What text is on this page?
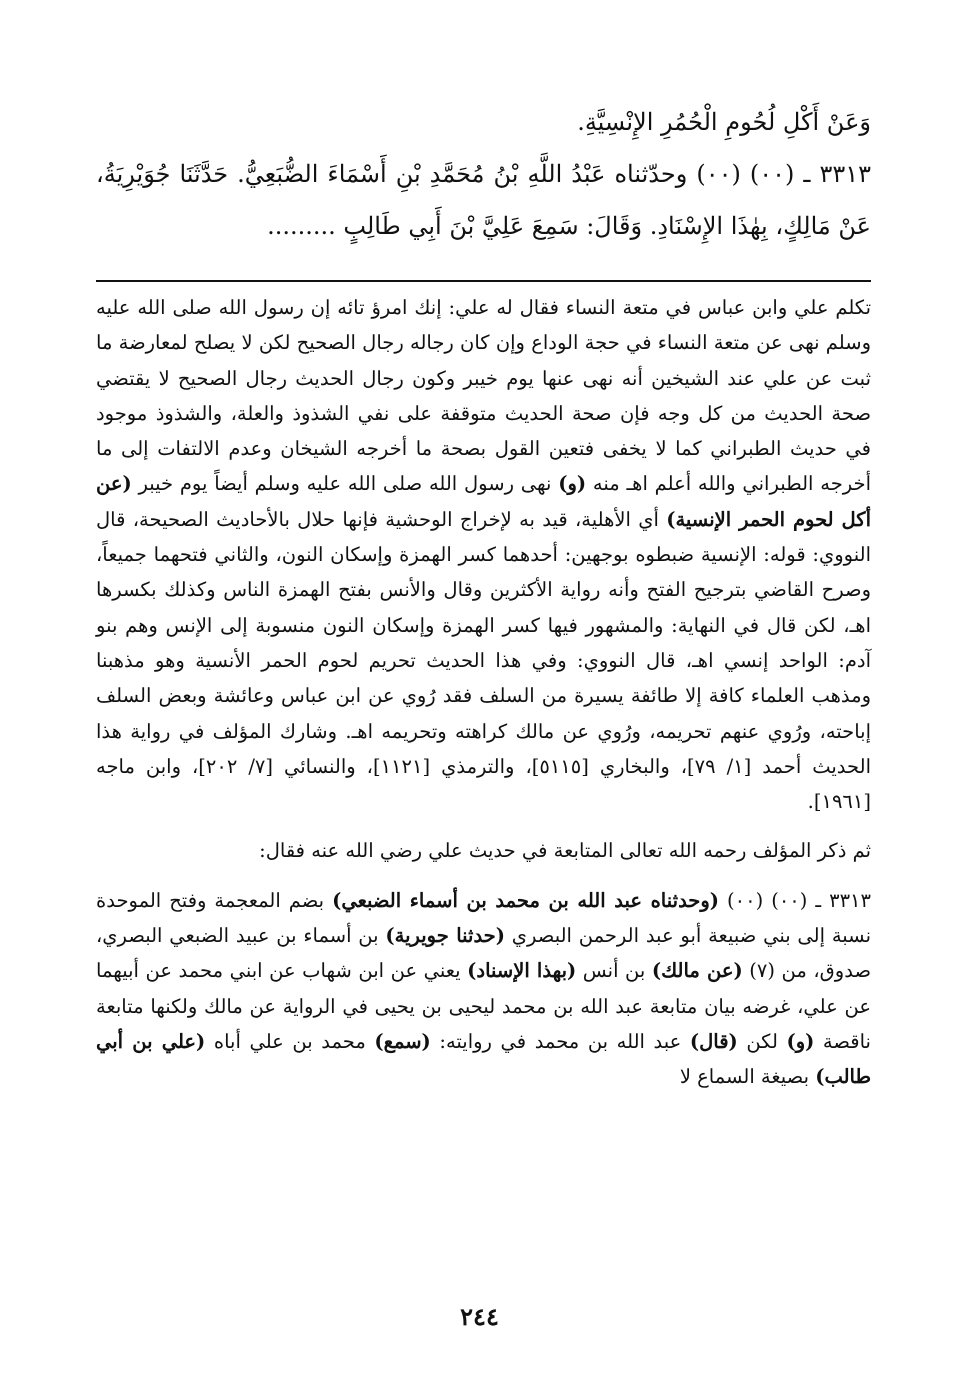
وَعَنْ أَكْلِ لُحُومِ الْحُمُرِ الإِنْسِيَّةِ.

٣٣١٣ ـ (٠٠) (٠٠) وحدّثناه عَبْدُ اللَّهِ بْنُ مُحَمَّدِ بْنِ أَسْمَاءَ الضُّبَعِيُّ. حَدَّثَنَا جُوَيْرِيَةُ، عَنْ مَالِكٍ، بِهٰذَا الإِسْنَادِ. وَقَالَ: سَمِعَ عَلِيَّ بْنَ أَبِي طَالِبٍ .........

تكلم علي وابن عباس في متعة النساء فقال له علي: إنك امرؤ تائه إن رسول الله صلى الله عليه وسلم نهى عن متعة النساء في حجة الوداع وإن كان رجاله رجال الصحيح لكن لا يصلح لمعارضة ما ثبت عن علي عند الشيخين أنه نهى عنها يوم خيبر وكون رجال الحديث رجال الصحيح لا يقتضي صحة الحديث من كل وجه فإن صحة الحديث متوقفة على نفي الشذوذ والعلة، والشذوذ موجود في حديث الطبراني كما لا يخفى فتعين القول بصحة ما أخرجه الشيخان وعدم الالتفات إلى ما أخرجه الطبراني والله أعلم اهـ منه (و) نهى رسول الله صلى الله عليه وسلم أيضاً يوم خيبر (عن أكل لحوم الحمر الإنسية) أي الأهلية، قيد به لإخراج الوحشية فإنها حلال بالأحاديث الصحيحة، قال النووي: قوله: الإنسية ضبطوه بوجهين: أحدهما كسر الهمزة وإسكان النون، والثاني فتحهما جميعاً، وصرح القاضي بترجيح الفتح وأنه رواية الأكثرين وقال والأنس بفتح الهمزة الناس وكذلك بكسرها اهـ، لكن قال في النهاية: والمشهور فيها كسر الهمزة وإسكان النون منسوبة إلى الإنس وهم بنو آدم: الواحد إنسي اهـ، قال النووي: وفي هذا الحديث تحريم لحوم الحمر الأنسية وهو مذهبنا ومذهب العلماء كافة إلا طائفة يسيرة من السلف فقد رُوي عن ابن عباس وعائشة وبعض السلف إباحته، ورُوي عنهم تحريمه، ورُوي عن مالك كراهته وتحريمه اهـ. وشارك المؤلف في رواية هذا الحديث أحمد [١/ ٧٩]، والبخاري [٥١١٥]، والترمذي [١١٢١]، والنسائي [٧/ ٢٠٢]، وابن ماجه [١٩٦١].

ثم ذكر المؤلف رحمه الله تعالى المتابعة في حديث علي رضي الله عنه فقال:

٣٣١٣ ـ (٠٠) (٠٠) (وحدثناه عبد الله بن محمد بن أسماء الضبعي) بضم المعجمة وفتح الموحدة نسبة إلى بني ضبيعة أبو عبد الرحمن البصري (حدثنا جويرية) بن أسماء بن عبيد الضبعي البصري، صدوق، من (٧) (عن مالك) بن أنس (بهذا الإسناد) يعني عن ابن شهاب عن ابني محمد عن أبيهما عن علي، غرضه بيان متابعة عبد الله بن محمد ليحيى بن يحيى في الرواية عن مالك ولكنها متابعة ناقصة (و) لكن (قال) عبد الله بن محمد في روايته: (سمع) محمد بن علي أباه (علي بن أبي طالب) بصيغة السماع لا

٢٤٤
